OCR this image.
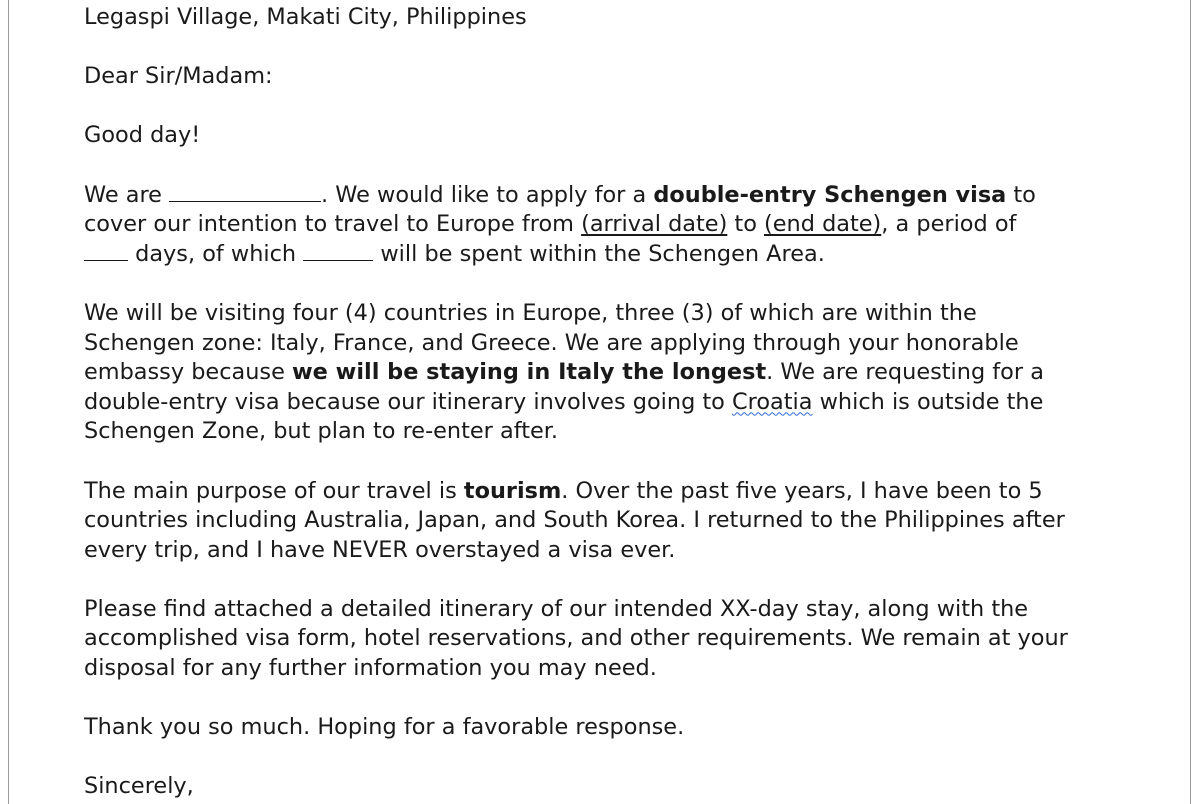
Legaspi Village, Makati City, Philippines
Dear Sir/Madam:
Good day!
We are	. We would like to apply for a double-entry Schengen visa to
cover our intention to travel to Europe from (arrival date) to (end date), a period of
days, of which	will be spent within the Schengen Area.
We will be visiting four (4) countries in Europe, three (3) of which are within the
Schengen zone: Italy, France, and Greece. We are applying through your honorable
embassy because we will be staying in Italy the longest. We are requesting for a
double-entry visa because our itinerary involves going to Croatia which is outside the
Schengen Zone, but plan to re-enter after.
The main purpose of our travel is tourism. Over the past five years, I have been to 5
countries including Australia, Japan, and South Korea. I returned to the Philippines after
every trip, and I have NEVER overstayed a visa ever.
Please find attached a detailed itinerary of our intended XX-day stay, along with the
accomplished visa form, hotel reservations, and other requirements. We remain at your
disposal for any further information you may need.
Thank you so much. Hoping for a favorable response.
Sincerely,
